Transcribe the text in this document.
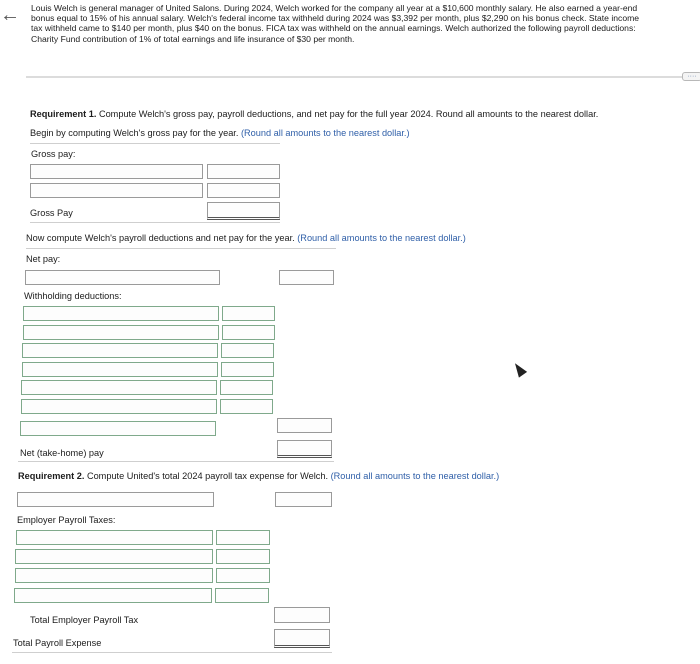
← Louis Welch is general manager of United Salons. During 2024, Welch worked for the company all year at a $10,600 monthly salary. He also earned a year-end

bonus equal to 15% of his annual salary. Welch's federal income tax withheld during 2024 was $3,392 per month, plus $2,290 on his bonus check. State income

tax withheld came to $140 per month, plus $40 on the bonus. FICA tax was withheld on the annual earnings. Welch authorized the following payroll deductions:

Charity Fund contribution of 1% of total earnings and life insurance of $30 per month.

····
Requirement 1. Compute Welch's gross pay, payroll deductions, and net pay for the full year 2024. Round all amounts to the nearest dollar.
Begin by computing Welch's gross pay for the year. (Round all amounts to the nearest dollar.)
Gross pay:
Gross Pay
Now compute Welch's payroll deductions and net pay for the year. (Round all amounts to the nearest dollar.)
Net pay:
Withholding deductions:
Net (take-home) pay
Requirement 2. Compute United's total 2024 payroll tax expense for Welch. (Round all amounts to the nearest dollar.)
Employer Payroll Taxes:
Total Employer Payroll Tax
Total Payroll Expense
